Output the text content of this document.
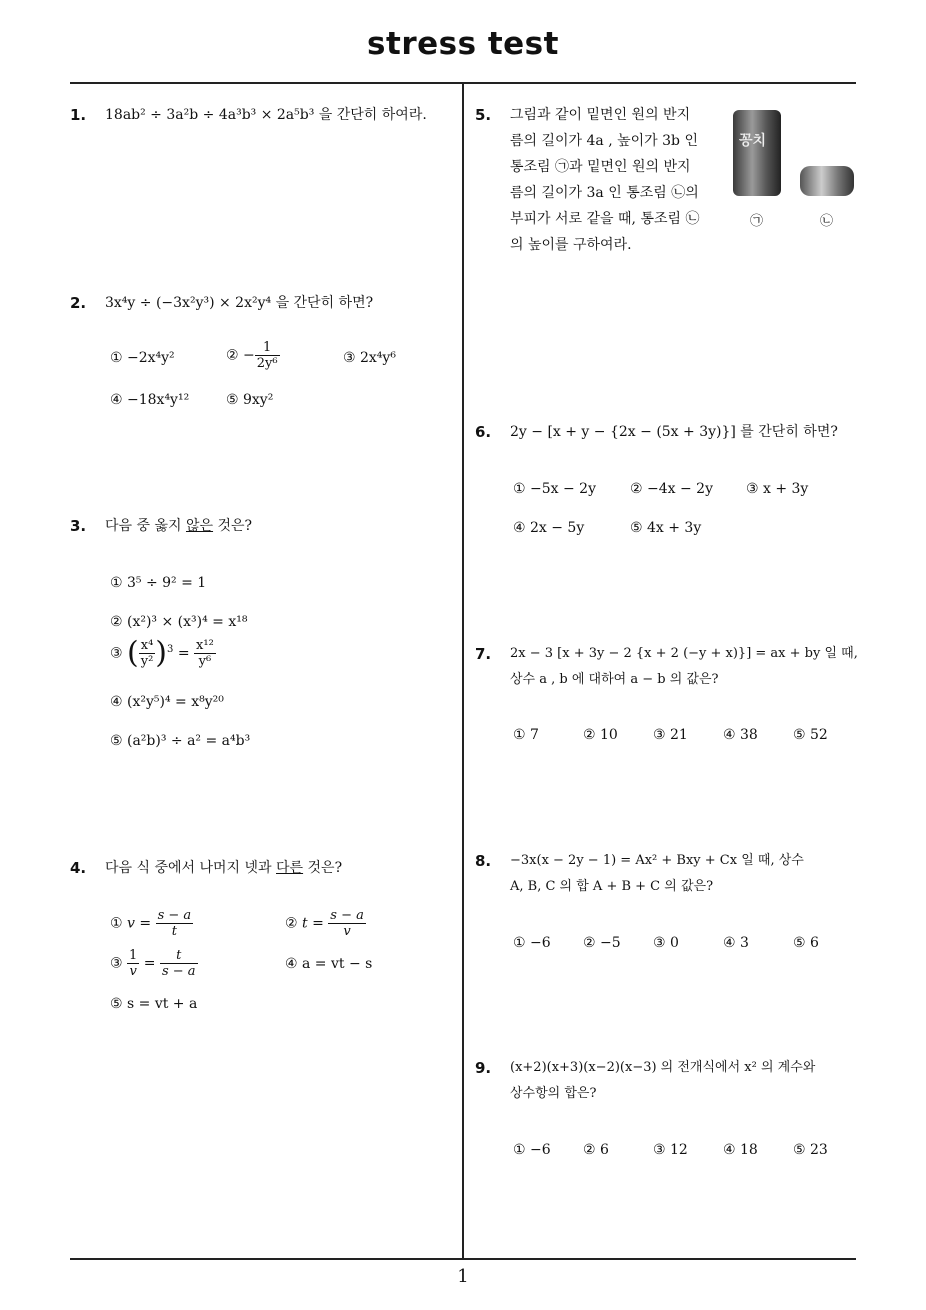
stress test
1
1. 18ab² ÷ 3a²b ÷ 4a³b³ × 2a⁵b³ 을 간단히 하여라.
2. 3x⁴y ÷ (−3x²y³) × 2x²y⁴ 을 간단히 하면?
① −2x⁴y²	② − $\frac{1}{\text{2y⁶}}$	③ 2x⁴y⁶
④ −18x⁴y¹²	⑤ 9xy²
3. 다음 중 옳지 않은 것은?
① 3⁵ ÷ 9² = 1
② (x²)³ × (x³)⁴ = x¹⁸
③ ( $\frac{\text{x⁴}}{\text{y²}} )^3 = \frac{\text{x¹²}}{\text{y⁶}}$
④ (x²y⁵)⁴ = x⁸y²⁰
⑤ (a²b)³ ÷ a² = a⁴b³
4. 다음 식 중에서 나머지 넷과 다른 것은?
① $v = \frac{s - a}{t}$	② $t = \frac{s - a}{v}$
③ $\frac{1}{v} = \frac{t}{s - a}$	④ a = vt − s
⑤ s = vt + a
5. 그림과 같이 밑면인 원의 반지
름의 길이가 4a , 높이가 3b 인
통조림 ㉠과 밑면인 원의 반지
름의 길이가 3a 인 통조림 ㉡의
부피가 서로 같을 때, 통조림 ㉡
의 높이를 구하여라.
꽁치
㉠	㉡
6. 2y − [x + y − {2x − (5x + 3y)}] 를 간단히 하면?
① −5x − 2y ② −4x − 2y ③ x + 3y
④ 2x − 5y	⑤ 4x + 3y
7. 2x − 3 [x + 3y − 2 {x + 2 (−y + x)}] = ax + by 일 때,
상수 a , b 에 대하여 a − b 의 값은?
① 7	② 10	③ 21	④ 38	⑤ 52
8. −3x(x − 2y − 1) = Ax² + Bxy + Cx 일 때, 상수
A, B, C 의 합 A + B + C 의 값은?
① −6 ② −5 ③ 0	④ 3	⑤ 6
9. (x+2)(x+3)(x−2)(x−3) 의 전개식에서 x² 의 계수와
상수항의 합은?
① −6 ② 6	③ 12	④ 18	⑤ 23
